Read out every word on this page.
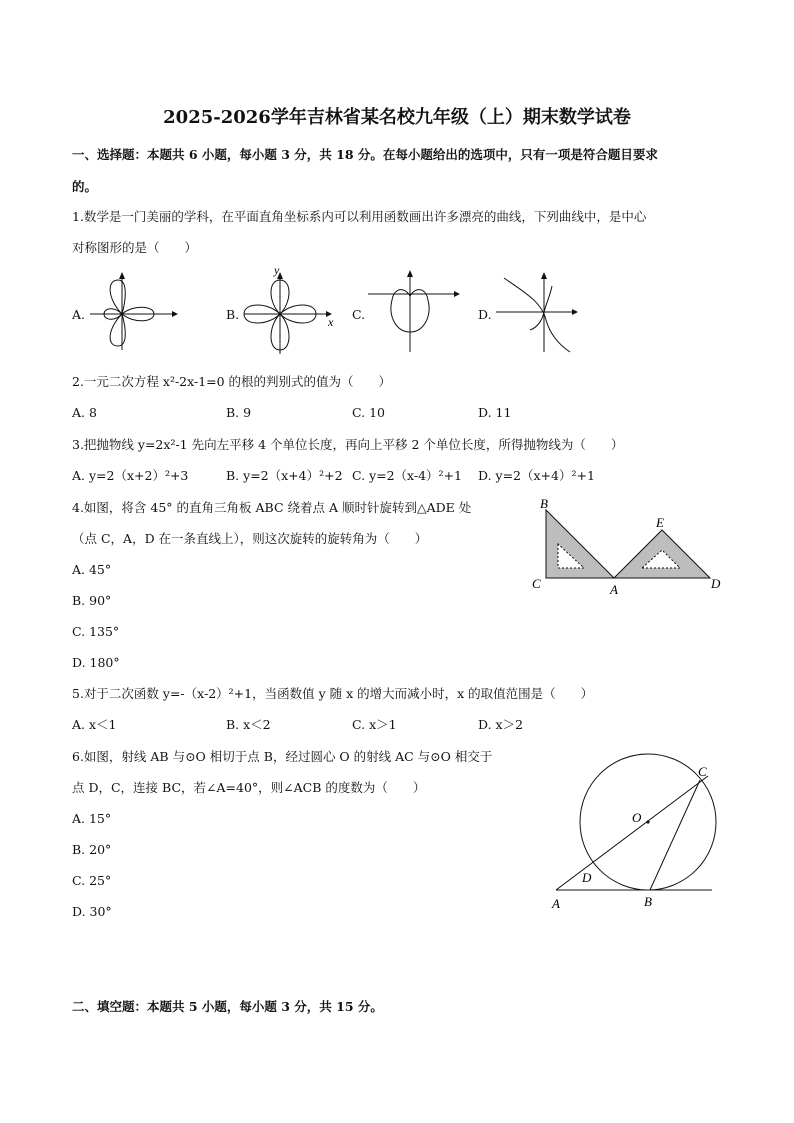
2025-2026学年吉林省某名校九年级（上）期末数学试卷
一、选择题：本题共 6 小题，每小题 3 分，共 18 分。在每小题给出的选项中，只有一项是符合题目要求
的。
1.数学是一门美丽的学科，在平面直角坐标系内可以利用函数画出许多漂亮的曲线，下列曲线中，是中心
对称图形的是（　　）
A.	B.
y
x C.	D.
2.一元二次方程 x²-2x-1=0 的根的判别式的值为（　　）
A. 8	B. 9	C. 10	D. 11
3.把抛物线 y=2x²-1 先向左平移 4 个单位长度，再向上平移 2 个单位长度，所得抛物线为（　　）
A. y=2（x+2）²+3	B. y=2（x+4）²+2 C. y=2（x-4）²+1 D. y=2（x+4）²+1
4.如图，将含 45° 的直角三角板 ABC 绕着点 A 顺时针旋转到△ADE 处
（点 C，A，D 在一条直线上），则这次旋转的旋转角为（　　）
A. 45°
B. 90°
C. 135°
D. 180°
B
C	A
E
D
5.对于二次函数 y=-（x-2）²+1，当函数值 y 随 x 的增大而减小时，x 的取值范围是（　　）
A. x＜1	B. x＜2	C. x＞1	D. x＞2
6.如图，射线 AB 与⊙O 相切于点 B，经过圆心 O 的射线 AC 与⊙O 相交于
点 D，C，连接 BC，若∠A=40°，则∠ACB 的度数为（　　）
A. 15°
B. 20°
C. 25°
D. 30°
C
O
D
A	B
二、填空题：本题共 5 小题，每小题 3 分，共 15 分。
